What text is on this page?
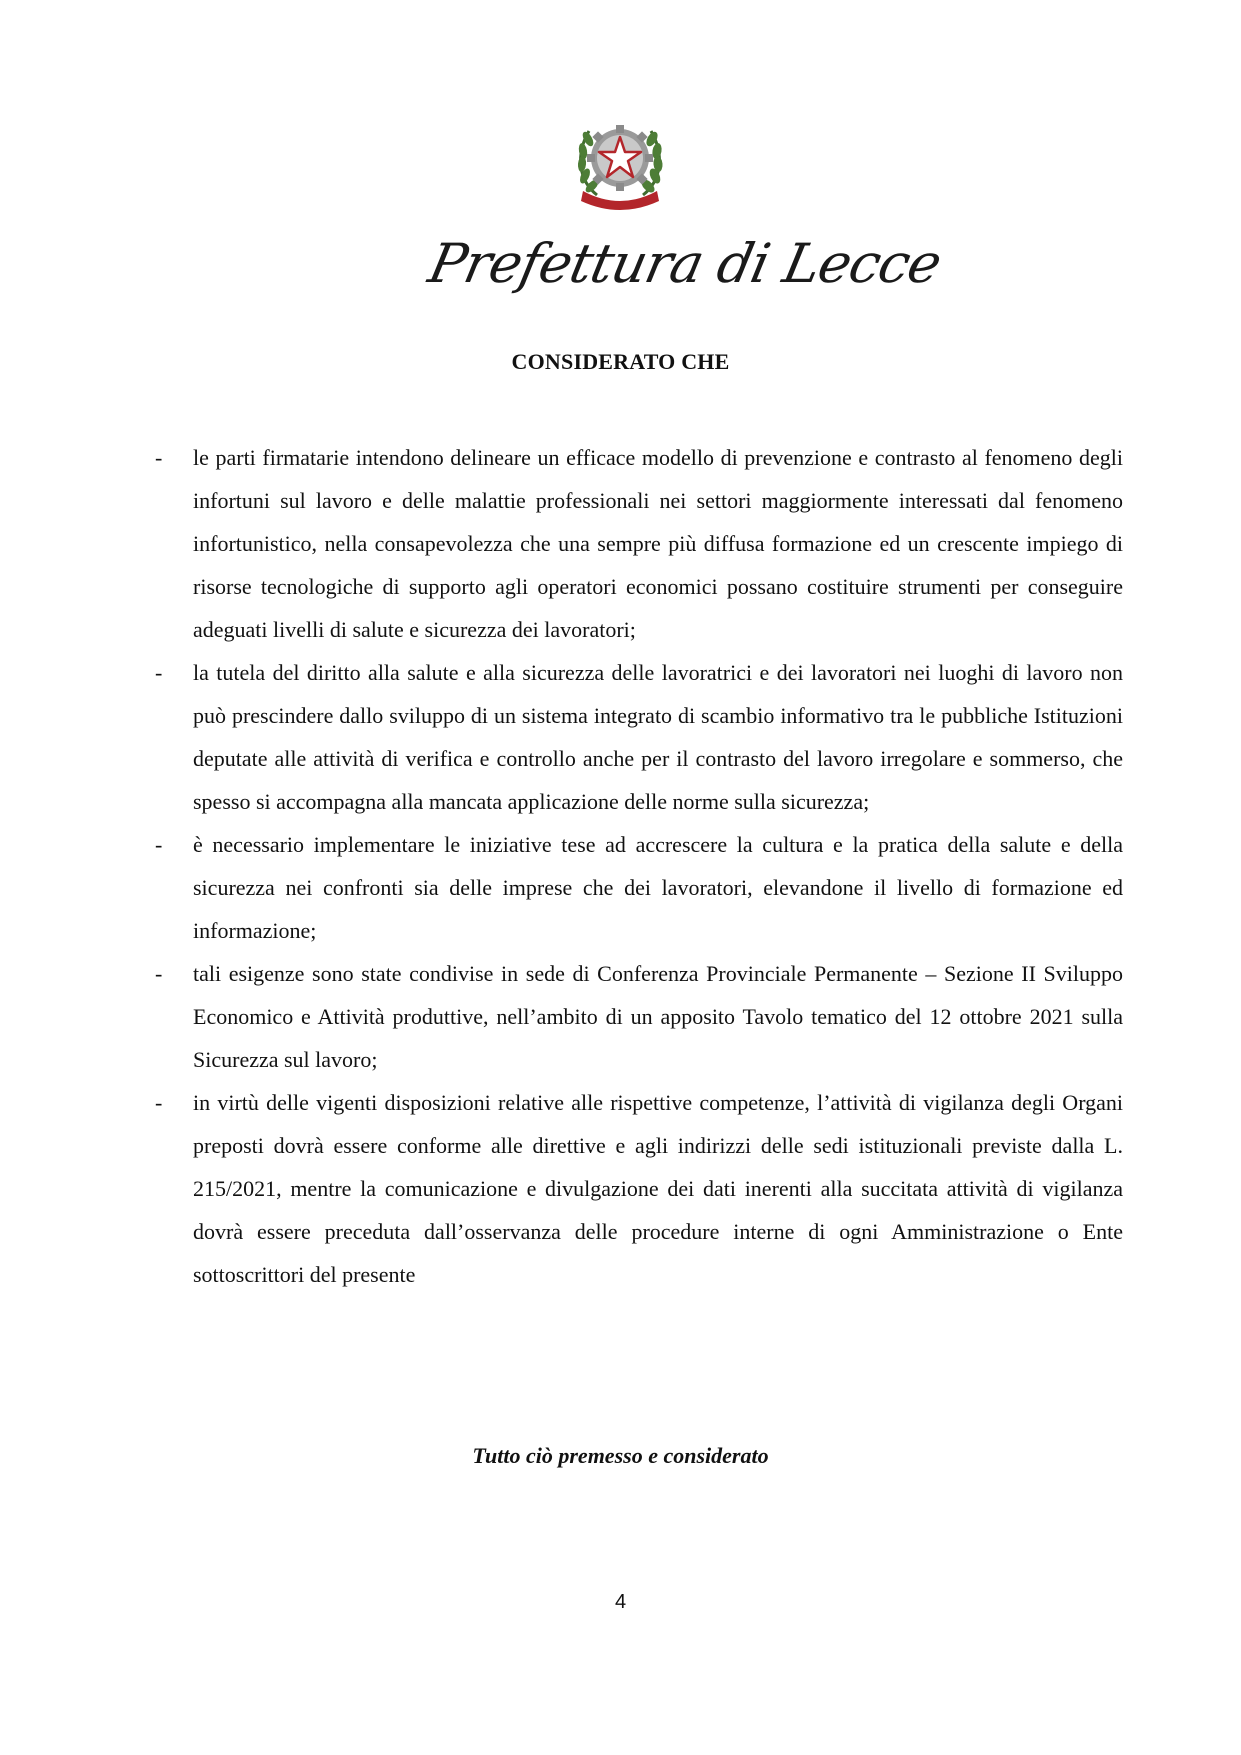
Prefettura di Lecce
CONSIDERATO CHE
-	le parti firmatarie intendono delineare un efficace modello di prevenzione e contrasto al fenomeno degli infortuni sul lavoro e delle malattie professionali nei settori maggiormente interessati dal fenomeno infortunistico, nella consapevolezza che una sempre più diffusa formazione ed un crescente impiego di risorse tecnologiche di supporto agli operatori economici possano costituire strumenti per conseguire adeguati livelli di salute e sicurezza dei lavoratori;
-	la tutela del diritto alla salute e alla sicurezza delle lavoratrici e dei lavoratori nei luoghi di lavoro non può prescindere dallo sviluppo di un sistema integrato di scambio informativo tra le pubbliche Istituzioni deputate alle attività di verifica e controllo anche per il contrasto del lavoro irregolare e sommerso, che spesso si accompagna alla mancata applicazione delle norme sulla sicurezza;
-	è necessario implementare le iniziative tese ad accrescere la cultura e la pratica della salute e della sicurezza nei confronti sia delle imprese che dei lavoratori, elevandone il livello di formazione ed informazione;
-	tali esigenze sono state condivise in sede di Conferenza Provinciale Permanente – Sezione II Sviluppo Economico e Attività produttive, nell’ambito di un apposito Tavolo tematico del 12 ottobre 2021 sulla Sicurezza sul lavoro;
-	in virtù delle vigenti disposizioni relative alle rispettive competenze, l’attività di vigilanza degli Organi preposti dovrà essere conforme alle direttive e agli indirizzi delle sedi istituzionali previste dalla L. 215/2021, mentre la comunicazione e divulgazione dei dati inerenti alla succitata attività di vigilanza dovrà essere preceduta dall’osservanza delle procedure interne di ogni Amministrazione o Ente sottoscrittori del presente
Tutto ciò premesso e considerato
4
